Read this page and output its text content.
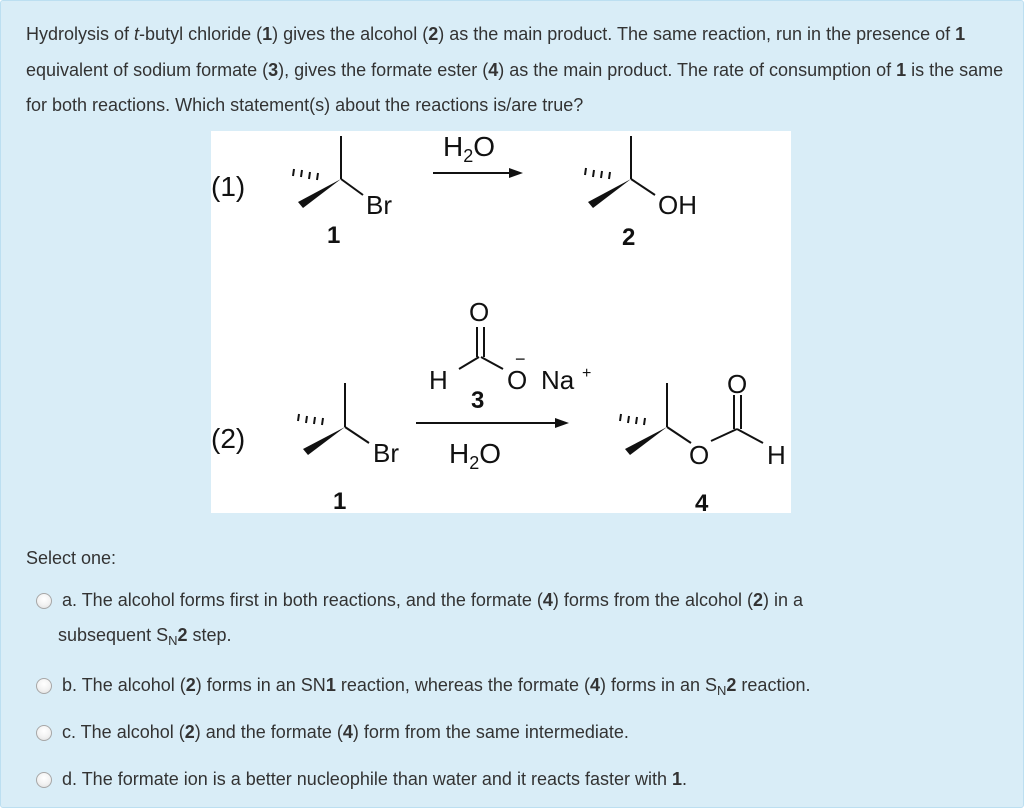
Hydrolysis of t-butyl chloride (1) gives the alcohol (2) as the main product. The same reaction, run in the presence of 1 equivalent of sodium formate (3), gives the formate ester (4) as the main product. The rate of consumption of 1 is the same for both reactions. Which statement(s) about the reactions is/are true?
(1)
Br
1
$H_2O$
OH
2
(2)	Br
1
O
H O
−
Na +
3
$H_2O$	O
O
H
4
Select one:
a. The alcohol forms first in both reactions, and the formate (4) forms from the alcohol (2) in a
subsequent $S_N2$ step.
b. The alcohol (2) forms in an SN1 reaction, whereas the formate (4) forms in an $S_N2$ reaction.
c. The alcohol (2) and the formate (4) form from the same intermediate.
d. The formate ion is a better nucleophile than water and it reacts faster with 1.
